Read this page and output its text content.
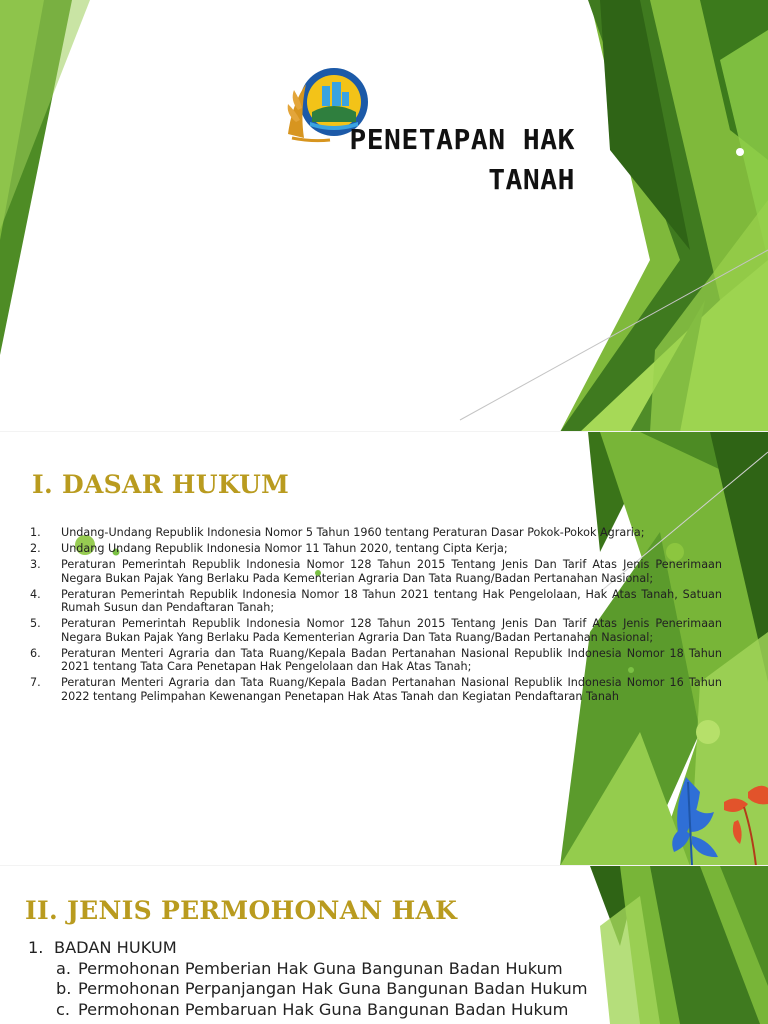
PENETAPAN HAK
TANAH
I. DASAR HUKUM
1.	Undang-Undang Republik Indonesia Nomor 5 Tahun 1960 tentang Peraturan Dasar Pokok-Pokok Agraria;
2.	Undang Undang Republik Indonesia Nomor 11 Tahun 2020, tentang Cipta Kerja;
3.	Peraturan Pemerintah Republik Indonesia Nomor 128 Tahun 2015 Tentang Jenis Dan Tarif Atas Jenis Penerimaan Negara Bukan Pajak Yang Berlaku Pada Kementerian Agraria Dan Tata Ruang/Badan Pertanahan Nasional;
4.	Peraturan Pemerintah Republik Indonesia Nomor 18 Tahun 2021 tentang Hak Pengelolaan, Hak Atas Tanah, Satuan Rumah Susun dan Pendaftaran Tanah;
5.	Peraturan Pemerintah Republik Indonesia Nomor 128 Tahun 2015 Tentang Jenis Dan Tarif Atas Jenis Penerimaan Negara Bukan Pajak Yang Berlaku Pada Kementerian Agraria Dan Tata Ruang/Badan Pertanahan Nasional;
6.	Peraturan Menteri Agraria dan Tata Ruang/Kepala Badan Pertanahan Nasional Republik Indonesia Nomor 18 Tahun 2021 tentang Tata Cara Penetapan Hak Pengelolaan dan Hak Atas Tanah;
7.	Peraturan Menteri Agraria dan Tata Ruang/Kepala Badan Pertanahan Nasional Republik Indonesia Nomor 16 Tahun 2022 tentang Pelimpahan Kewenangan Penetapan Hak Atas Tanah dan Kegiatan Pendaftaran Tanah
II. JENIS PERMOHONAN HAK
1. BADAN HUKUM
a. Permohonan Pemberian Hak Guna Bangunan Badan Hukum
b. Permohonan Perpanjangan Hak Guna Bangunan Badan Hukum
c. Permohonan Pembaruan Hak Guna Bangunan Badan Hukum
